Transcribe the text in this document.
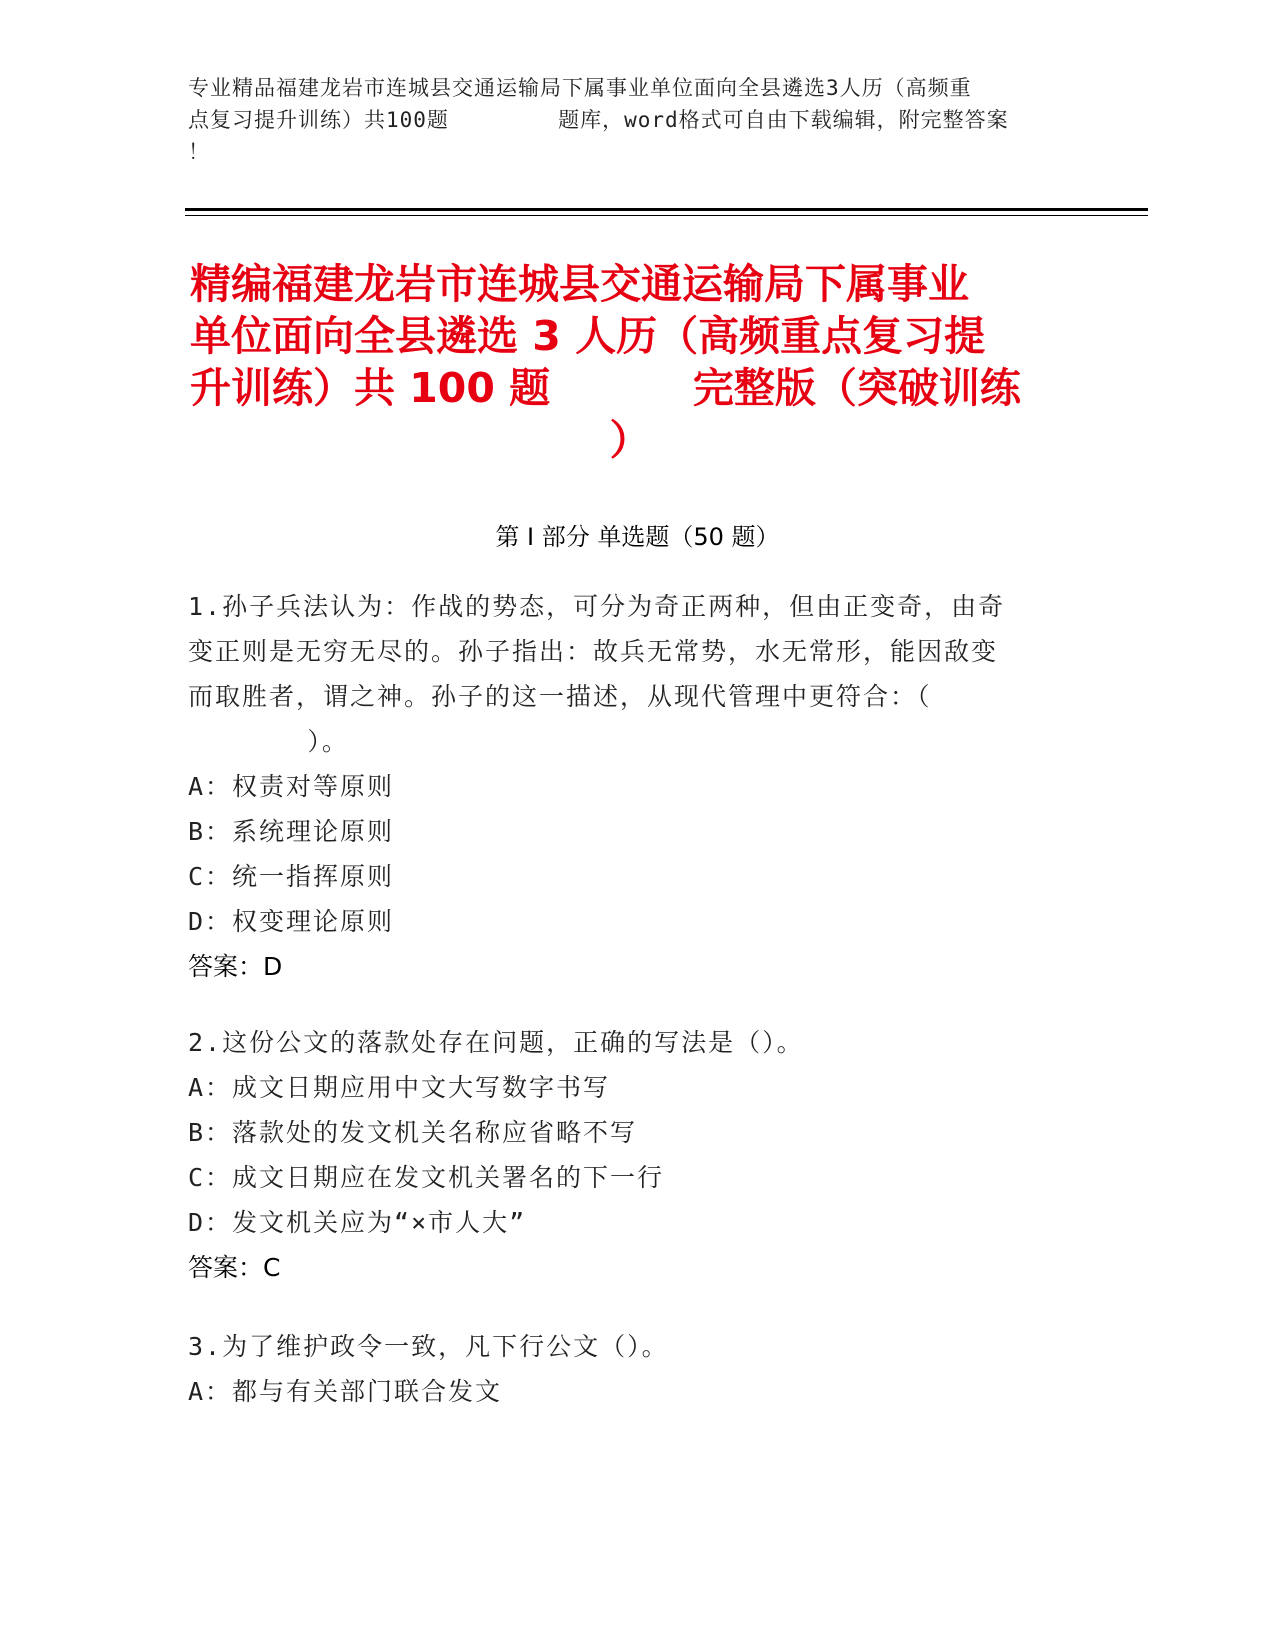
专业精品福建龙岩市连城县交通运输局下属事业单位面向全县遴选3人历（高频重
点复习提升训练）共100题        题库，word格式可自由下载编辑，附完整答案
！
精编福建龙岩市连城县交通运输局下属事业
单位面向全县遴选 3 人历（高频重点复习提
升训练）共 100 题          完整版（突破训练
）
第 I 部分 单选题（50 题）
1.孙子兵法认为：作战的势态，可分为奇正两种，但由正变奇，由奇
变正则是无穷无尽的。孙子指出：故兵无常势，水无常形，能因敌变
而取胜者，谓之神。孙子的这一描述，从现代管理中更符合：（
）。
A：权责对等原则
B：系统理论原则
C：统一指挥原则
D：权变理论原则
答案：D
2.这份公文的落款处存在问题，正确的写法是（）。
A：成文日期应用中文大写数字书写
B：落款处的发文机关名称应省略不写
C：成文日期应在发文机关署名的下一行
D：发文机关应为“×市人大”
答案：C
3.为了维护政令一致，凡下行公文（）。
A：都与有关部门联合发文
